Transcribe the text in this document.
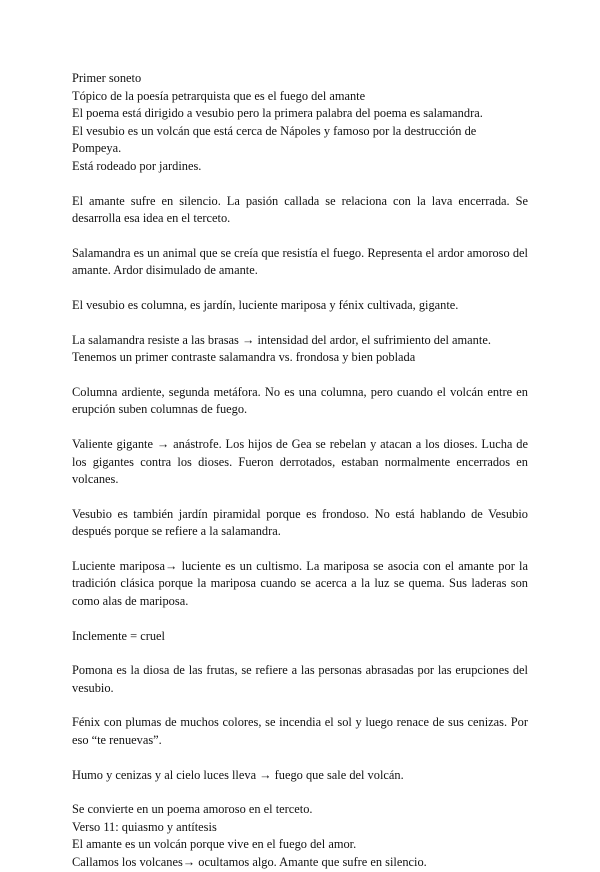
Primer soneto

Tópico de la poesía petrarquista que es el fuego del amante

El poema está dirigido a vesubio pero la primera palabra del poema es salamandra.

El vesubio es un volcán que está cerca de Nápoles y famoso por la destrucción de Pompeya.

Está rodeado por jardines.

El amante sufre en silencio. La pasión callada se relaciona con la lava encerrada. Se desarrolla esa idea en el terceto.

Salamandra es un animal que se creía que resistía el fuego. Representa el ardor amoroso del amante. Ardor disimulado de amante.

El vesubio es columna, es jardín, luciente mariposa y fénix cultivada, gigante.

La salamandra resiste a las brasas → intensidad del ardor, el sufrimiento del amante.

Tenemos un primer contraste salamandra vs. frondosa y bien poblada

Columna ardiente, segunda metáfora. No es una columna, pero cuando el volcán entre en erupción suben columnas de fuego.

Valiente gigante → anástrofe. Los hijos de Gea se rebelan y atacan a los dioses. Lucha de los gigantes contra los dioses. Fueron derrotados, estaban normalmente encerrados en volcanes.

Vesubio es también jardín piramidal porque es frondoso. No está hablando de Vesubio después porque se refiere a la salamandra.

Luciente mariposa→ luciente es un cultismo. La mariposa se asocia con el amante por la tradición clásica porque la mariposa cuando se acerca a la luz se quema. Sus laderas son como alas de mariposa.

Inclemente = cruel

Pomona es la diosa de las frutas, se refiere a las personas abrasadas por las erupciones del vesubio.

Fénix con plumas de muchos colores, se incendia el sol y luego renace de sus cenizas. Por eso “te renuevas”.

Humo y cenizas y al cielo luces lleva → fuego que sale del volcán.

Se convierte en un poema amoroso en el terceto.

Verso 11: quiasmo y antítesis

El amante es un volcán porque vive en el fuego del amor.

Callamos los volcanes→ ocultamos algo. Amante que sufre en silencio.
